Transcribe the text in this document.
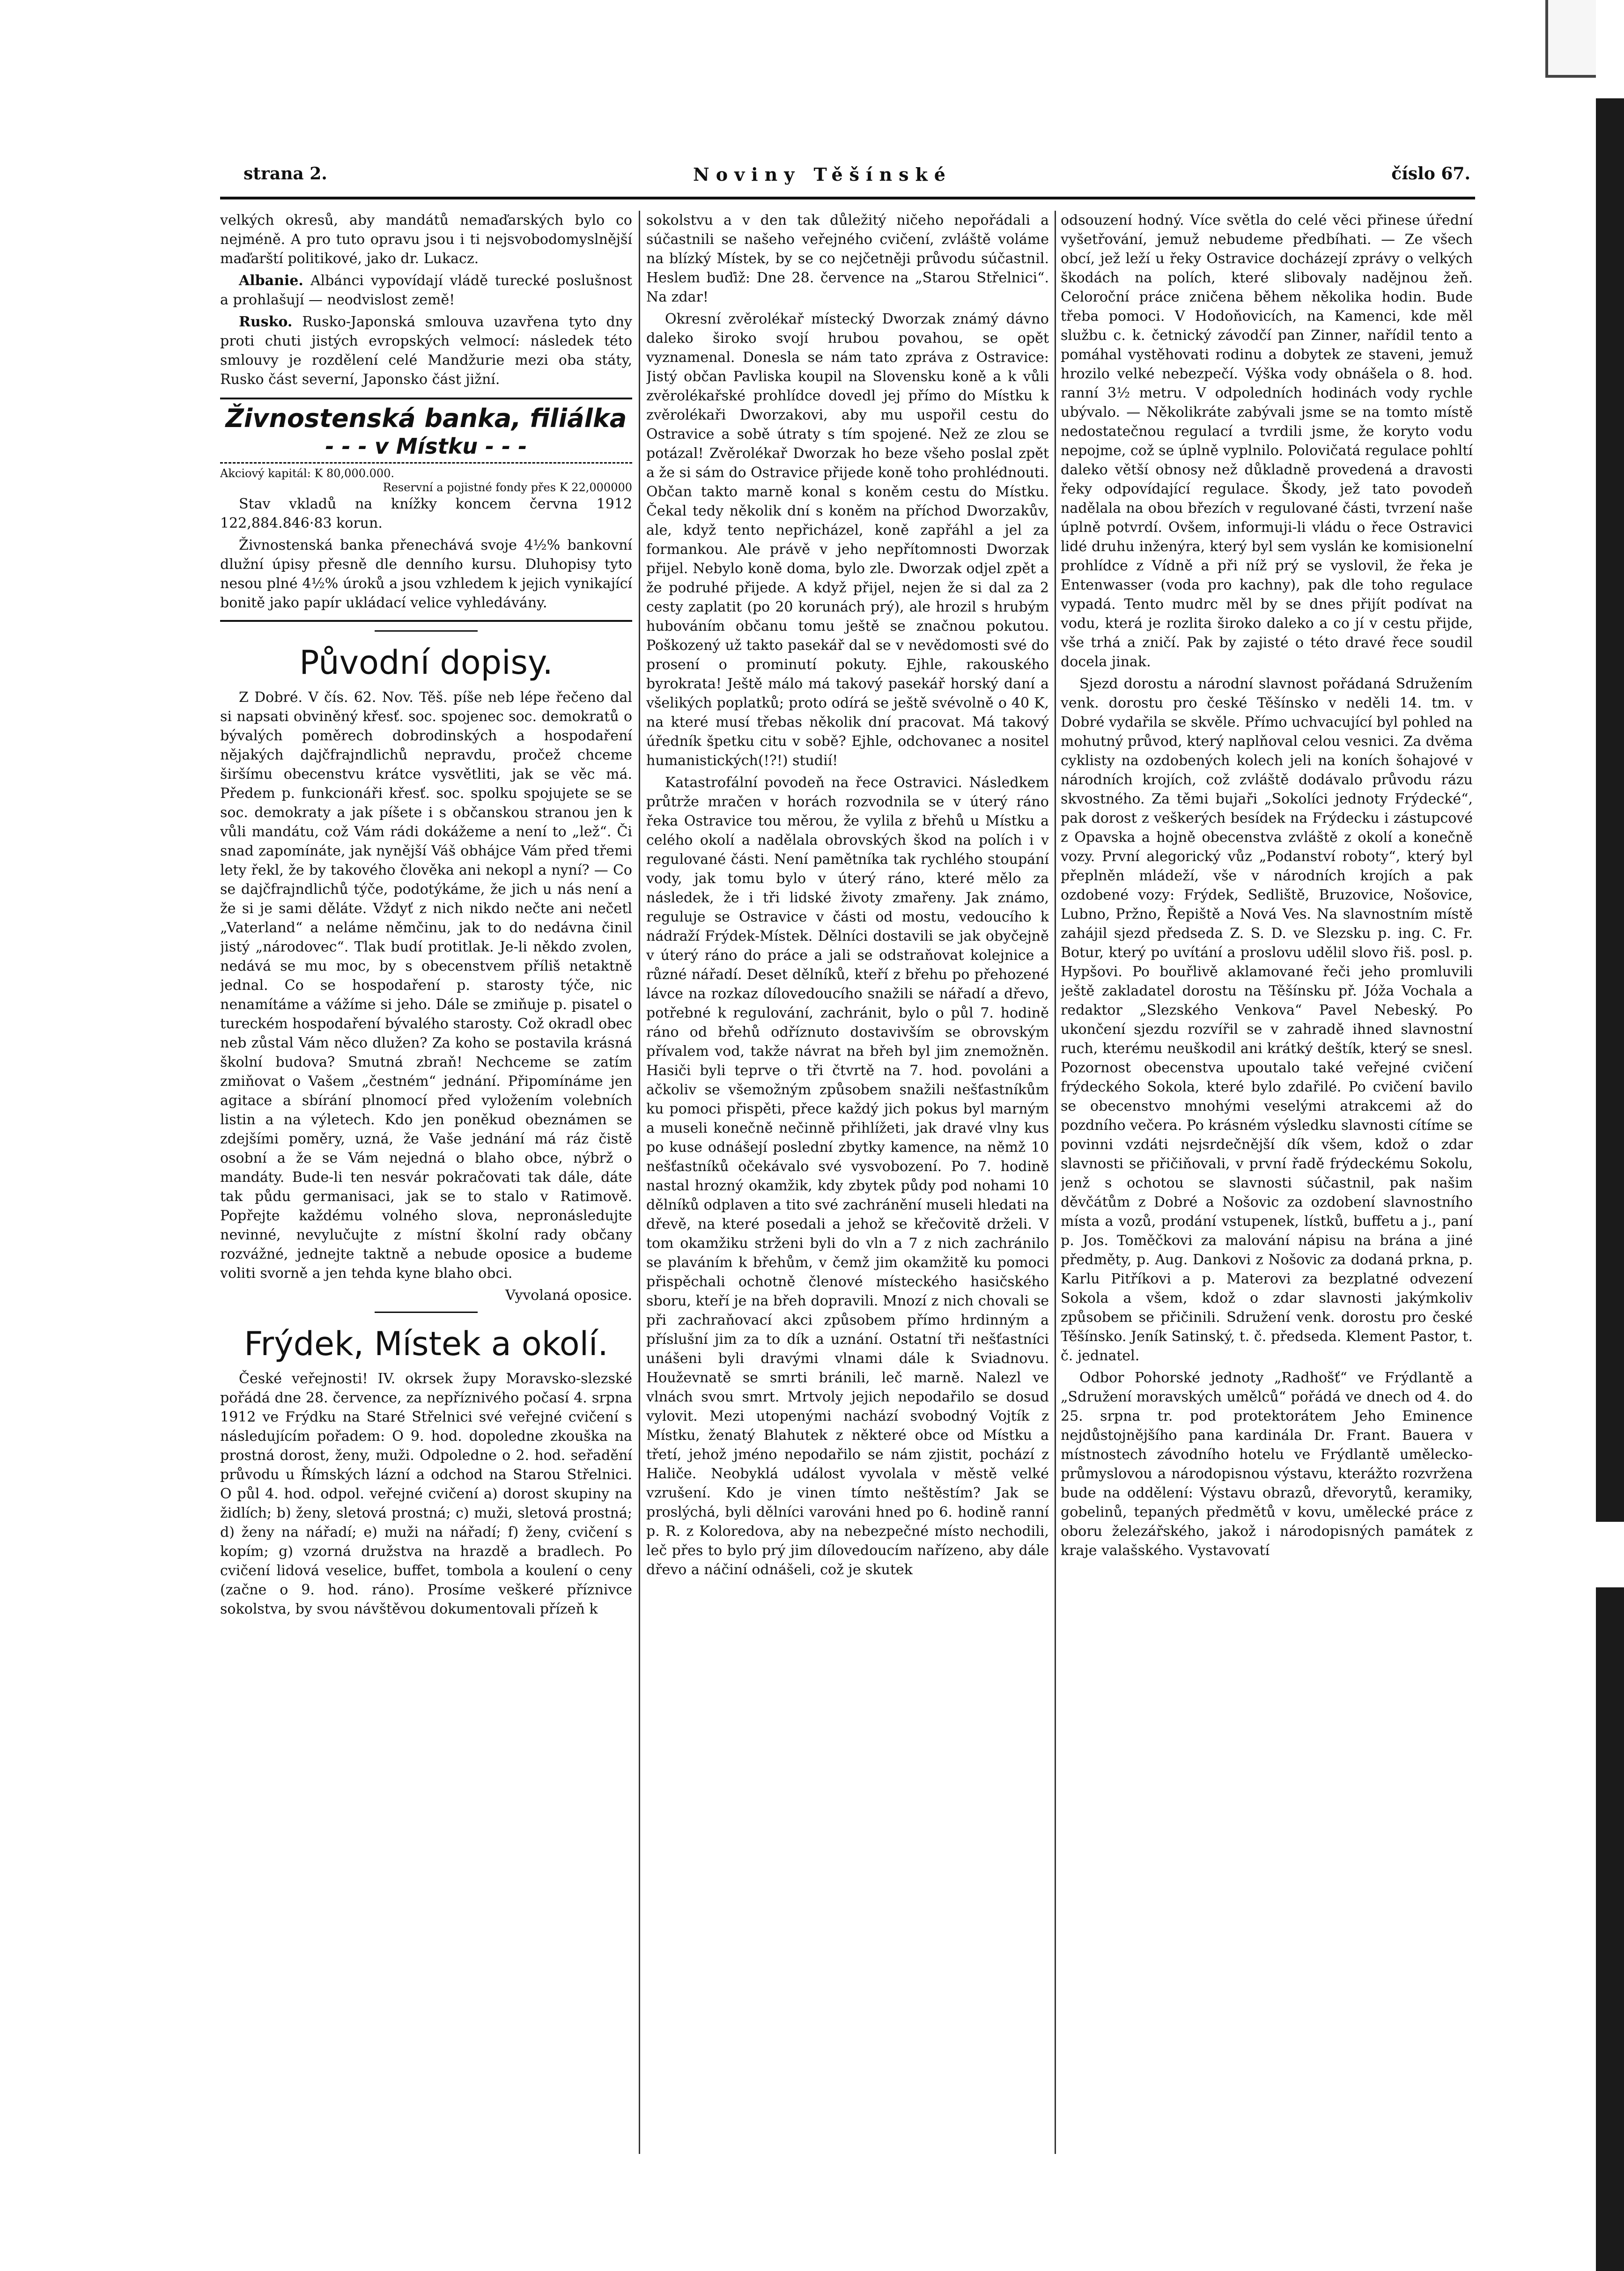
strana 2.	Noviny Těšínské	číslo 67.

velkých okresů, aby mandátů nemaďarských bylo co nejméně. A pro tuto opravu jsou i ti nejsvobodomyslnější maďarští politikové, jako dr. Lukacz.

Albanie. Albánci vypovídají vládě turecké poslušnost a prohlašují — neodvislost země!

Rusko. Rusko-Japonská smlouva uzavřena tyto dny proti chuti jistých evropských velmocí: následek této smlouvy je rozdělení celé Mandžurie mezi oba státy, Rusko část severní, Japonsko část jižní.

Živnostenská banka, filiálka
- - - v Místku - - -
Akciový kapitál: K 80,000.000.
Reservní a pojistné fondy přes K 22,000000

Stav vkladů na knížky koncem června 1912 122,884.846·83 korun.

Živnostenská banka přenechává svoje 4½% bankovní dlužní úpisy přesně dle denního kursu. Dluhopisy tyto nesou plné 4½% úroků a jsou vzhledem k jejich vynikající bonitě jako papír ukládací velice vyhledávány.

Původní dopisy.

Z Dobré. V čís. 62. Nov. Těš. píše neb lépe řečeno dal si napsati obviněný křesť. soc. spojenec soc. demokratů o bývalých poměrech dobrodinských a hospodaření nějakých dajčfrajndlichů nepravdu, pročež chceme širšímu obecenstvu krátce vysvětliti, jak se věc má. Předem p. funkcionáři křesť. soc. spolku spojujete se se soc. demokraty a jak píšete i s občanskou stranou jen k vůli mandátu, což Vám rádi dokážeme a není to „lež“. Či snad zapomínáte, jak nynější Váš obhájce Vám před třemi lety řekl, že by takového člověka ani nekopl a nyní? — Co se dajčfrajndlichů týče, podotýkáme, že jich u nás není a že si je sami děláte. Vždyť z nich nikdo nečte ani nečetl „Vaterland“ a neláme němčinu, jak to do nedávna činil jistý „národovec“. Tlak budí protitlak. Je-li někdo zvolen, nedává se mu moc, by s obecenstvem příliš netaktně jednal. Co se hospodaření p. starosty týče, nic nenamítáme a vážíme si jeho. Dále se zmiňuje p. pisatel o tureckém hospodaření bývalého starosty. Což okradl obec neb zůstal Vám něco dlužen? Za koho se postavila krásná školní budova? Smutná zbraň! Nechceme se zatím zmiňovat o Vašem „čestném“ jednání. Připomínáme jen agitace a sbírání plnomocí před vyložením volebních listin a na výletech. Kdo jen poněkud obeznámen se zdejšími poměry, uzná, že Vaše jednání má ráz čistě osobní a že se Vám nejedná o blaho obce, nýbrž o mandáty. Bude-li ten nesvár pokračovati tak dále, dáte tak půdu germanisaci, jak se to stalo v Ratimově. Popřejte každému volného slova, nepronásledujte nevinné, nevylučujte z místní školní rady občany rozvážné, jednejte taktně a nebude oposice a budeme voliti svorně a jen tehda kyne blaho obci.

Vyvolaná oposice.
Frýdek, Místek a okolí.

České veřejnosti! IV. okrsek župy Moravsko-slezské pořádá dne 28. července, za nepříznivého počasí 4. srpna 1912 ve Frýdku na Staré Střelnici své veřejné cvičení s následujícím pořadem: O 9. hod. dopoledne zkouška na prostná dorost, ženy, muži. Odpoledne o 2. hod. seřadění průvodu u Římských lázní a odchod na Starou Střelnici. O půl 4. hod. odpol. veřejné cvičení a) dorost skupiny na židlích; b) ženy, sletová prostná; c) muži, sletová prostná; d) ženy na nářadí; e) muži na nářadí; f) ženy, cvičení s kopím; g) vzorná družstva na hrazdě a bradlech. Po cvičení lidová veselice, buffet, tombola a koulení o ceny (začne o 9. hod. ráno). Prosíme veškeré příznivce sokolstva, by svou návštěvou dokumentovali přízeň k

sokolstvu a v den tak důležitý ničeho nepořádali a súčastnili se našeho veřejného cvičení, zvláště voláme na blízký Místek, by se co nejčetněji průvodu súčastnil. Heslem buďiž: Dne 28. července na „Starou Střelnici“. Na zdar!

Okresní zvěrolékař místecký Dworzak známý dávno daleko široko svojí hrubou povahou, se opět vyznamenal. Donesla se nám tato zpráva z Ostravice: Jistý občan Pavliska koupil na Slovensku koně a k vůli zvěrolékařské prohlídce dovedl jej přímo do Místku k zvěrolékaři Dworzakovi, aby mu uspořil cestu do Ostravice a sobě útraty s tím spojené. Než ze zlou se potázal! Zvěrolékař Dworzak ho beze všeho poslal zpět a že si sám do Ostravice přijede koně toho prohlédnouti. Občan takto marně konal s koněm cestu do Místku. Čekal tedy několik dní s koněm na příchod Dworzakův, ale, když tento nepřicházel, koně zapřáhl a jel za formankou. Ale právě v jeho nepřítomnosti Dworzak přijel. Nebylo koně doma, bylo zle. Dworzak odjel zpět a že podruhé přijede. A když přijel, nejen že si dal za 2 cesty zaplatit (po 20 korunách prý), ale hrozil s hrubým hubováním občanu tomu ještě se značnou pokutou. Poškozený už takto pasekář dal se v nevědomosti své do prosení o prominutí pokuty. Ejhle, rakouského byrokrata! Ještě málo má takový pasekář horský daní a všelikých poplatků; proto odírá se ještě svévolně o 40 K, na které musí třebas několik dní pracovat. Má takový úředník špetku citu v sobě? Ejhle, odchovanec a nositel humanistických(!?!) studií!

Katastrofální povodeň na řece Ostravici. Následkem průtrže mračen v horách rozvodnila se v úterý ráno řeka Ostravice tou měrou, že vylila z břehů u Místku a celého okolí a nadělala obrovských škod na polích i v regulované části. Není pamětníka tak rychlého stoupání vody, jak tomu bylo v úterý ráno, které mělo za následek, že i tři lidské životy zmařeny. Jak známo, reguluje se Ostravice v části od mostu, vedoucího k nádraží Frýdek-Místek. Dělníci dostavili se jak obyčejně v úterý ráno do práce a jali se odstraňovat kolejnice a různé nářadí. Deset dělníků, kteří z břehu po přehozené lávce na rozkaz dílovedoucího snažili se nářadí a dřevo, potřebné k regulování, zachránit, bylo o půl 7. hodině ráno od břehů odříznuto dostavivším se obrovským přívalem vod, takže návrat na břeh byl jim znemožněn. Hasiči byli teprve o tři čtvrtě na 7. hod. povoláni a ačkoliv se všemožným způsobem snažili nešťastníkům ku pomoci přispěti, přece každý jich pokus byl marným a museli konečně nečinně přihlížeti, jak dravé vlny kus po kuse odnášejí poslední zbytky kamence, na němž 10 nešťastníků očekávalo své vysvobození. Po 7. hodině nastal hrozný okamžik, kdy zbytek půdy pod nohami 10 dělníků odplaven a tito své zachránění museli hledati na dřevě, na které posedali a jehož se křečovitě drželi. V tom okamžiku strženi byli do vln a 7 z nich zachránilo se plaváním k břehům, v čemž jim okamžitě ku pomoci přispěchali ochotně členové místeckého hasičského sboru, kteří je na břeh dopravili. Mnozí z nich chovali se při zachraňovací akci způsobem přímo hrdinným a příslušní jim za to dík a uznání. Ostatní tři nešťastníci unášeni byli dravými vlnami dále k Sviadnovu. Houževnatě se smrti bránili, leč marně. Nalezl ve vlnách svou smrt. Mrtvoly jejich nepodařilo se dosud vylovit. Mezi utopenými nachází svobodný Vojtík z Místku, ženatý Blahutek z některé obce od Místku a třetí, jehož jméno nepodařilo se nám zjistit, pochází z Haliče. Neobyklá událost vyvolala v městě velké vzrušení. Kdo je vinen tímto neštěstím? Jak se proslýchá, byli dělníci varováni hned po 6. hodině ranní p. R. z Koloredova, aby na nebezpečné místo nechodili, leč přes to bylo prý jim dílovedoucím nařízeno, aby dále dřevo a náčiní odnášeli, což je skutek

odsouzení hodný. Více světla do celé věci přinese úřední vyšetřování, jemuž nebudeme předbíhati. — Ze všech obcí, jež leží u řeky Ostravice docházejí zprávy o velkých škodách na polích, které slibovaly nadějnou žeň. Celoroční práce zničena během několika hodin. Bude třeba pomoci. V Hodoňovicích, na Kamenci, kde měl službu c. k. četnický závodčí pan Zinner, nařídil tento a pomáhal vystěhovati rodinu a dobytek ze staveni, jemuž hrozilo velké nebezpečí. Výška vody obnášela o 8. hod. ranní 3½ metru. V odpoledních hodinách vody rychle ubývalo. — Několikráte zabývali jsme se na tomto místě nedostatečnou regulací a tvrdili jsme, že koryto vodu nepojme, což se úplně vyplnilo. Polovičatá regulace pohltí daleko větší obnosy než důkladně provedená a dravosti řeky odpovídající regulace. Škody, jež tato povodeň nadělala na obou březích v regulované části, tvrzení naše úplně potvrdí. Ovšem, informuji-li vládu o řece Ostravici lidé druhu inženýra, který byl sem vyslán ke komisionelní prohlídce z Vídně a při níž prý se vyslovil, že řeka je Entenwasser (voda pro kachny), pak dle toho regulace vypadá. Tento mudrc měl by se dnes přijít podívat na vodu, která je rozlita široko daleko a co jí v cestu přijde, vše trhá a zničí. Pak by zajisté o této dravé řece soudil docela jinak.

Sjezd dorostu a národní slavnost pořádaná Sdružením venk. dorostu pro české Těšínsko v neděli 14. tm. v Dobré vydařila se skvěle. Přímo uchvacující byl pohled na mohutný průvod, který naplňoval celou vesnici. Za dvěma cyklisty na ozdobených kolech jeli na koních šohajové v národních krojích, což zvláště dodávalo průvodu rázu skvostného. Za těmi bujaři „Sokolíci jednoty Frýdecké“, pak dorost z veškerých besídek na Frýdecku i zástupcové z Opavska a hojně obecenstva zvláště z okolí a konečně vozy. První alegorický vůz „Podanství roboty“, který byl přeplněn mládeží, vše v národních krojích a pak ozdobené vozy: Frýdek, Sedliště, Bruzovice, Nošovice, Lubno, Pržno, Řepiště a Nová Ves. Na slavnostním místě zahájil sjezd předseda Z. S. D. ve Slezsku p. ing. C. Fr. Botur, který po uvítání a proslovu udělil slovo řiš. posl. p. Hypšovi. Po bouřlivě aklamované řeči jeho promluvili ještě zakladatel dorostu na Těšínsku př. Jóža Vochala a redaktor „Slezského Venkova“ Pavel Nebeský. Po ukončení sjezdu rozvířil se v zahradě ihned slavnostní ruch, kterému neuškodil ani krátký deštík, který se snesl. Pozornost obecenstva upoutalo také veřejné cvičení frýdeckého Sokola, které bylo zdařilé. Po cvičení bavilo se obecenstvo mnohými veselými atrakcemi až do pozdního večera. Po krásném výsledku slavnosti cítíme se povinni vzdáti nejsrdečnější dík všem, kdož o zdar slavnosti se přičiňovali, v první řadě frýdeckému Sokolu, jenž s ochotou se slavnosti súčastnil, pak našim děvčátům z Dobré a Nošovic za ozdobení slavnostního místa a vozů, prodání vstupenek, lístků, buffetu a j., paní p. Jos. Toměčkovi za malování nápisu na brána a jiné předměty, p. Aug. Dankovi z Nošovic za dodaná prkna, p. Karlu Pitříkovi a p. Materovi za bezplatné odvezení Sokola a všem, kdož o zdar slavnosti jakýmkoliv způsobem se přičinili. Sdružení venk. dorostu pro české Těšínsko. Jeník Satinský, t. č. předseda. Klement Pastor, t. č. jednatel.

Odbor Pohorské jednoty „Radhošť“ ve Frýdlantě a „Sdružení moravských umělců“ pořádá ve dnech od 4. do 25. srpna tr. pod protektorátem Jeho Eminence nejdůstojnějšího pana kardinála Dr. Frant. Bauera v místnostech závodního hotelu ve Frýdlantě umělecko-průmyslovou a národopisnou výstavu, kterážto rozvržena bude na oddělení: Výstavu obrazů, dřevorytů, keramiky, gobelinů, tepaných předmětů v kovu, umělecké práce z oboru železářského, jakož i národopisných památek z kraje valašského. Vystavovatí
